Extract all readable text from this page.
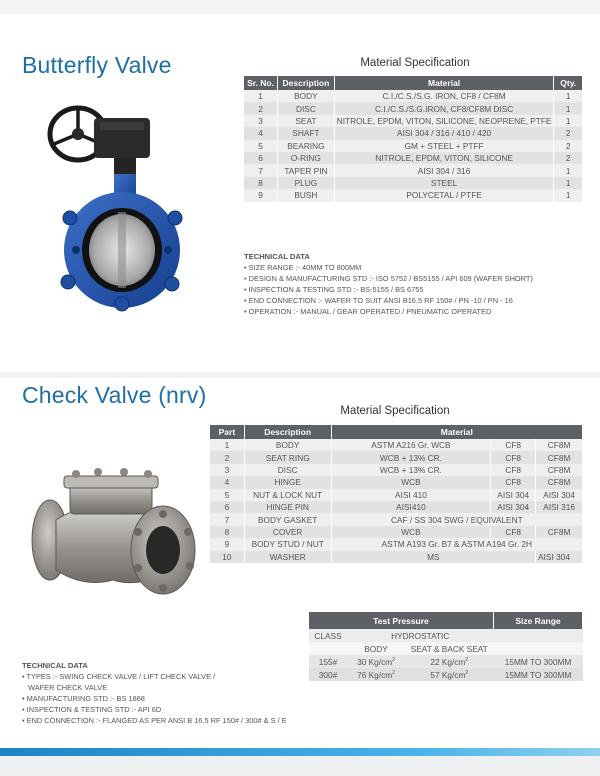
Butterfly Valve	Material Specification
Sr. No.	Description	Material	Qty.
1	BODY	C.I./C.S./S.G. IRON, CF8 / CF8M	1
2	DISC	C.I./C.S./S.G.IRON, CF8/CF8M DISC	1
3	SEAT	NITROLE, EPDM, VITON, SILICONE, NEOPRENE, PTFE	1
4	SHAFT	AISI 304 / 316 / 410 / 420	2
5	BEARING	GM + STEEL + PTFF	2
6	O-RING	NITROLE, EPDM, VITON, SILICONE	2
7	TAPER PIN	AISI 304 / 316	1
8	PLUG	STEEL	1
9	BUSH	POLYCETAL / PTFE	1
TECHNICAL DATA
• SIZE RANGE :- 40MM TO 800MM
• DESIGN & MANUFACTURING STD :- ISO 5752 / BS5155 / API 609 (WAFER SHORT)
• INSPECTION & TESTING STD :- BS-5155 / BS 6755
• END CONNECTION :- WAFER TO SUIT ANSI B16.5 RF 150# / PN -10 / PN - 16
• OPERATION :- MANUAL / GEAR OPERATED / PNEUMATIC OPERATED
Check Valve (nrv)
Material Specification
Part	Description	Material		
1	BODY	ASTM A216 Gr. WCB	CF8	CF8M
2	SEAT RING	WCB + 13% CR.	CF8	CF8M
3	DISC	WCB + 13% CR.	CF8	CF8M
4	HINGE	WCB	CF8	CF8M
5	NUT & LOCK NUT	AISI 410	AISI 304	AISI 304
6	HINGE PIN	AISI410	AISI 304	AISI 316
7	BODY GASKET	CAF / SS 304 SWG / EQUIVALENT		
8	COVER	WCB	CF8	CF8M
9	BODY STUD / NUT	ASTM A193 Gr. B7 & ASTM A194 Gr. 2H		
10	WASHER	MS		AISI 304
Test Pressure			Size Range
CLASS	HYDROSTATIC		
	BODY	SEAT & BACK SEAT	
155#	30 $Kg/cm^2$	22 $Kg/cm^2$	15MM TO 300MM
300#	76 $Kg/cm^2$	57 $Kg/cm^2$	15MM TO 300MM
TECHNICAL DATA
• TYPES :- SWING CHECK VALVE / LIFT CHECK VALVE /
WAFER CHECK VALVE
• MANUFACTURING STD :- BS 1868
• INSPECTION & TESTING STD :- API 6D
• END CONNECTION :- FLANGED AS PER ANSI B 16.5 RF 150# / 300# & S / E
